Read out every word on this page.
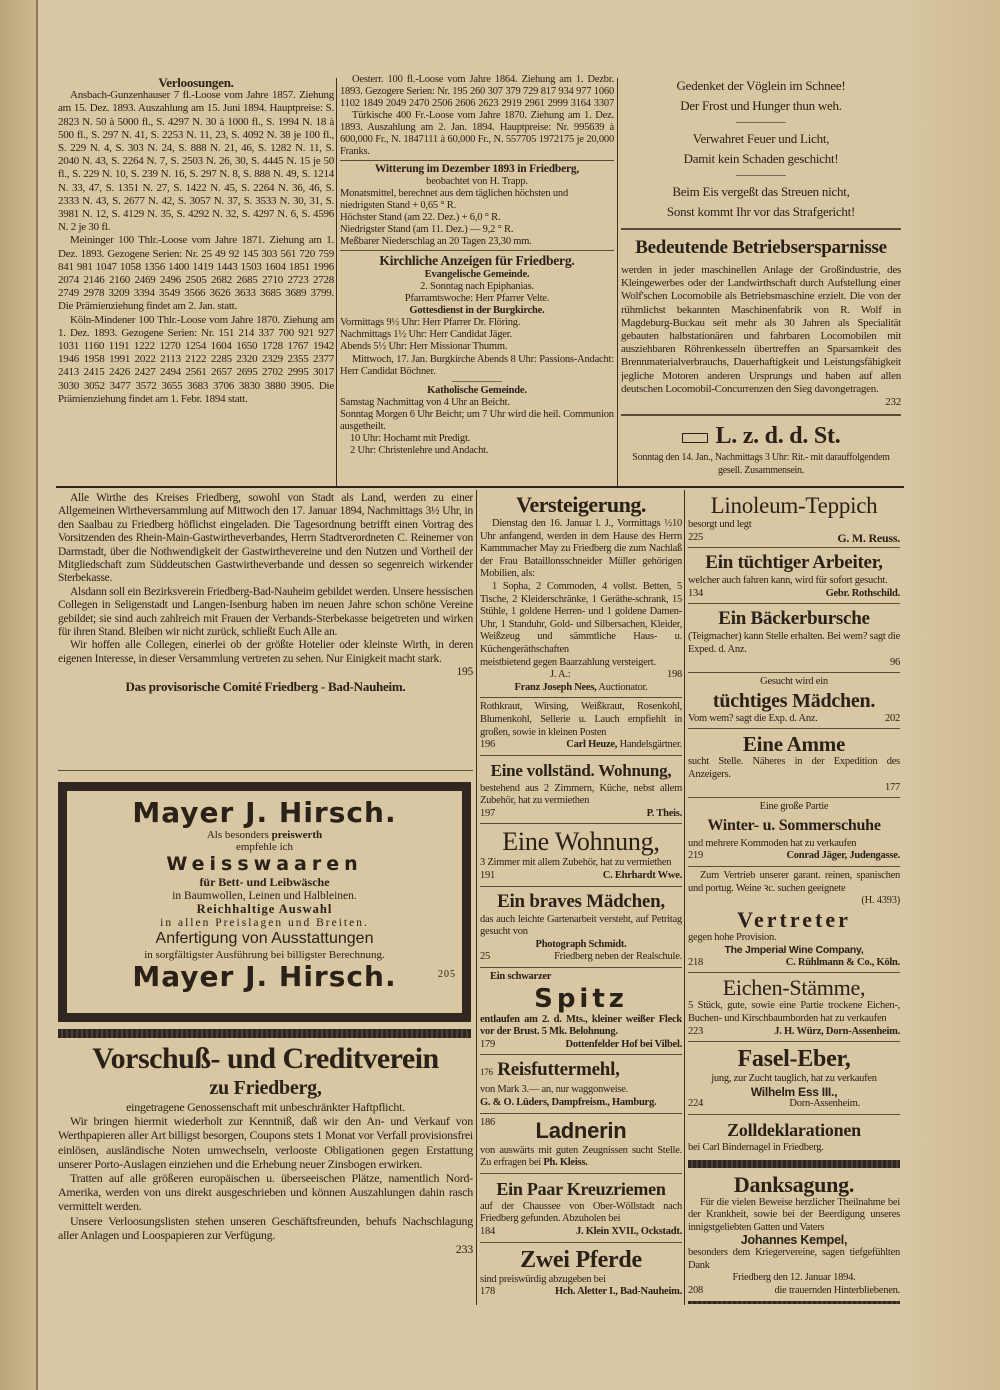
Verloosungen.

Ansbach-Gunzenhauser 7 fl.-Loose vom Jahre 1857. Ziehung am 15. Dez. 1893. Auszahlung am 15. Juni 1894. Hauptpreise: S. 2823 N. 50 à 5000 fl., S. 4297 N. 30 à 1000 fl., S. 1994 N. 18 à 500 fl., S. 297 N. 41, S. 2253 N. 11, 23, S. 4092 N. 38 je 100 fl., S. 229 N. 4, S. 303 N. 24, S. 888 N. 21, 46, S. 1282 N. 11, S. 2040 N. 43, S. 2264 N. 7, S. 2503 N. 26, 30, S. 4445 N. 15 je 50 fl., S. 229 N. 10, S. 239 N. 16, S. 297 N. 8, S. 888 N. 49, S. 1214 N. 33, 47, S. 1351 N. 27, S. 1422 N. 45, S. 2264 N. 36, 46, S. 2333 N. 43, S. 2677 N. 42, S. 3057 N. 37, S. 3533 N. 30, 31, S. 3981 N. 12, S. 4129 N. 35, S. 4292 N. 32, S. 4297 N. 6, S. 4596 N. 2 je 30 fl.

Meininger 100 Thlr.-Loose vom Jahre 1871. Ziehung am 1. Dez. 1893. Gezogene Serien: Nr. 25 49 92 145 303 561 720 759 841 981 1047 1058 1356 1400 1419 1443 1503 1604 1851 1996 2074 2146 2160 2469 2496 2505 2682 2685 2710 2723 2728 2749 2978 3209 3394 3549 3566 3626 3633 3685 3689 3799. Die Prämienziehung findet am 2. Jan. statt.

Köln-Mindener 100 Thlr.-Loose vom Jahre 1870. Ziehung am 1. Dez. 1893. Gezogene Serien: Nr. 151 214 337 700 921 927 1031 1160 1191 1222 1270 1254 1604 1650 1728 1767 1942 1946 1958 1991 2022 2113 2122 2285 2320 2329 2355 2377 2413 2415 2426 2427 2494 2561 2657 2695 2702 2995 3017 3030 3052 3477 3572 3655 3683 3706 3830 3880 3905. Die Prämienziehung findet am 1. Febr. 1894 statt.

Oesterr. 100 fl.-Loose vom Jahre 1864. Ziehung am 1. Dezbr. 1893. Gezogere Serien: Nr. 195 260 307 379 729 817 934 977 1060 1102 1849 2049 2470 2506 2606 2623 2919 2961 2999 3164 3307

Türkische 400 Fr.-Loose vom Jahre 1870. Ziehung am 1. Dez. 1893. Auszahlung am 2. Jan. 1894. Hauptpreise: Nr. 995639 à 600,000 Fr., N. 1847111 à 60,000 Fr., N. 557705 1972175 je 20,000 Franks.

Witterung im Dezember 1893 in Friedberg,
beobachtet von H. Trapp.
Monatsmittel, berechnet aus dem täglichen höchsten und niedrigsten Stand + 0,65 ° R.
Höchster Stand (am 22. Dez.) + 6,0 ° R.
Niedrigster Stand (am 11. Dez.) — 9,2 ° R.
Meßbarer Niederschlag an 20 Tagen 23,30 mm.
Kirchliche Anzeigen für Friedberg.
Evangelische Gemeinde.
2. Sonntag nach Epiphanias.
Pfarramtswoche: Herr Pfarrer Velte.
Gottesdienst in der Burgkirche.
Vormittags 9½ Uhr: Herr Pfarrer Dr. Flöring.
Nachmittags 1½ Uhr: Herr Candidat Jäger.
Abends 5½ Uhr: Herr Missionar Thumm.

Mittwoch, 17. Jan. Burgkirche Abends 8 Uhr: Passions-Andacht: Herr Candidat Böchner.

Katholische Gemeinde.
Samstag Nachmittag von 4 Uhr an Beicht.
Sonntag Morgen 6 Uhr Beicht; um 7 Uhr wird die heil. Communion ausgetheilt.
10 Uhr: Hochamt mit Predigt.
2 Uhr: Christenlehre und Andacht.
Gedenket der Vöglein im Schnee!
Der Frost und Hunger thun weh.
Verwahret Feuer und Licht,
Damit kein Schaden geschicht!
Beim Eis vergeßt das Streuen nicht,
Sonst kommt Ihr vor das Strafgericht!
Bedeutende Betriebsersparnisse

werden in jeder maschinellen Anlage der Großindustrie, des Kleingewerbes oder der Landwirthschaft durch Aufstellung einer Wolf'schen Locomobile als Betriebsmaschine erzielt. Die von der rühmlichst bekannten Maschinenfabrik von R. Wolf in Magdeburg-Buckau seit mehr als 30 Jahren als Specialität gebauten halbstationären und fahrbaren Locomobilen mit ausziehbaren Röhrenkesseln übertreffen an Sparsamkeit des Brennmaterialverbrauchs, Dauerhaftigkeit und Leistungsfähigkeit jegliche Motoren anderen Ursprungs und haben auf allen deutschen Locomobil-Concurrenzen den Sieg davongetragen.

232
L. z. d. d. St.
Sonntag den 14. Jan., Nachmittags 3 Uhr: Rit.- mit darauffolgendem gesell. Zusammensein.

Alle Wirthe des Kreises Friedberg, sowohl von Stadt als Land, werden zu einer Allgemeinen Wirtheversammlung auf Mittwoch den 17. Januar 1894, Nachmittags 3½ Uhr, in den Saalbau zu Friedberg höflichst eingeladen. Die Tagesordnung betrifft einen Vortrag des Vorsitzenden des Rhein-Main-Gastwirtheverbandes, Herrn Stadtverordneten C. Reinemer von Darmstadt, über die Nothwendigkeit der Gastwirthevereine und den Nutzen und Vortheil der Mitgliedschaft zum Süddeutschen Gastwirtheverbande und dessen so segenreich wirkender Sterbekasse.

Alsdann soll ein Bezirksverein Friedberg-Bad-Nauheim gebildet werden. Unsere hessischen Collegen in Seligenstadt und Langen-Isenburg haben im neuen Jahre schon schöne Vereine gebildet; sie sind auch zahlreich mit Frauen der Verbands-Sterbekasse beigetreten und wirken für ihren Stand. Bleiben wir nicht zurück, schließt Euch Alle an.

Wir hoffen alle Collegen, einerlei ob der größte Hotelier oder kleinste Wirth, in deren eigenen Interesse, in dieser Versammlung vertreten zu sehen. Nur Einigkeit macht stark.

195
Das provisorische Comité Friedberg - Bad-Nauheim.
Mayer J. Hirsch.
Als besonders preiswerth
empfehle ich
Weisswaaren
für Bett- und Leibwäsche
in Baumwollen, Leinen und Halbleinen.
Reichhaltige Auswahl
in allen Preislagen und Breiten.
Anfertigung von Ausstattungen
in sorgfältigster Ausführung bei billigster Berechnung.
Mayer J. Hirsch.	205
Vorschuß- und Creditverein
zu Friedberg,
eingetragene Genossenschaft mit unbeschränkter Haftpflicht.

Wir bringen hiermit wiederholt zur Kenntniß, daß wir den An- und Verkauf von Werthpapieren aller Art billigst besorgen, Coupons stets 1 Monat vor Verfall provisionsfrei einlösen, ausländische Noten umwechseln, verlooste Obligationen gegen Erstattung unserer Porto-Auslagen einziehen und die Erhebung neuer Zinsbogen erwirken.

Tratten auf alle größeren europäischen u. überseeischen Plätze, namentlich Nord-Amerika, werden von uns direkt ausgeschrieben und können Auszahlungen dahin rasch vermittelt werden.

Unsere Verloosungslisten stehen unseren Geschäftsfreunden, behufs Nachschlagung aller Anlagen und Loospapieren zur Verfügung.

233
Versteigerung.

Dienstag den 16. Januar l. J., Vormittags ½10 Uhr anfangend, werden in dem Hause des Herrn Kammmacher May zu Friedberg die zum Nachlaß der Frau Bataillonsschneider Müller gehörigen Mobilien, als:

1 Sopha, 2 Commoden, 4 vollst. Betten, 5 Tische, 2 Kleiderschränke, 1 Geräthe-schrank, 15 Stühle, 1 goldene Herren- und 1 goldene Damen-Uhr, 1 Standuhr, Gold- und Silbersachen, Kleider, Weißzeug und sämmtliche Haus- u. Küchengeräthschaften

meistbietend gegen Baarzahlung versteigert.

J. A.:	198
Franz Joseph Nees, Auctionator.

Rothkraut, Wirsing, Weißkraut, Rosenkohl, Blumenkohl, Sellerie u. Lauch empfiehlt in großen, sowie in kleinen Posten

196	Carl Heuze, Handelsgärtner.
Eine vollständ. Wohnung,

bestehend aus 2 Zimmern, Küche, nebst allem Zubehör, hat zu vermiethen

197	P. Theis.
Eine Wohnung,

3 Zimmer mit allem Zubehör, hat zu vermiethen

191	C. Ehrhardt Wwe.
Ein braves Mädchen,

das auch leichte Gartenarbeit versteht, auf Petritag gesucht von

Photograph Schmidt.
25	Friedberg neben der Realschule.
Ein schwarzer
Spitz

entlaufen am 2. d. Mts., kleiner weißer Fleck vor der Brust. 5 Mk. Belohnung.

179	Dottenfelder Hof bei Vilbel.
176 Reisfuttermehl,

von Mark 3.— an, nur waggonweise.

G. & O. Lüders, Dampfreism., Hamburg.
186	Ladnerin

von auswärts mit guten Zeugnissen sucht Stelle. Zu erfragen bei Ph. Kleiss.

Ein Paar Kreuzriemen

auf der Chaussee von Ober-Wöllstadt nach Friedberg gefunden. Abzuholen bei

184	J. Klein XVII., Ockstadt.
Zwei Pferde

sind preiswürdig abzugeben bei

178	Hch. Aletter I., Bad-Nauheim.
Linoleum-Teppich
besorgt und legt
225	G. M. Reuss.
Ein tüchtiger Arbeiter,

welcher auch fahren kann, wird für sofort gesucht.

134	Gebr. Rothschild.
Ein Bäckerbursche

(Teigmacher) kann Stelle erhalten. Bei wem? sagt die Exped. d. Anz.

96
Gesucht wird ein
tüchtiges Mädchen.
Vom wem? sagt die Exp. d. Anz.	202
Eine Amme

sucht Stelle. Näheres in der Expedition des Anzeigers.

177
Eine große Partie
Winter- u. Sommerschuhe

und mehrere Kommoden hat zu verkaufen

219	Conrad Jäger, Judengasse.

Zum Vertrieb unserer garant. reinen, spanischen und portug. Weine ꝛc. suchen geeignete

(H. 4393)
Vertreter
gegen hohe Provision.
The Jmperial Wine Company,
218	C. Rühlmann & Co., Köln.
Eichen-Stämme,

5 Stück, gute, sowie eine Partie trockene Eichen-, Buchen- und Kirschbaumborden hat zu verkaufen

223	J. H. Würz, Dorn-Assenheim.
Fasel-Eber,
jung, zur Zucht tauglich, hat zu verkaufen
Wilhelm Ess III.,
224	Dorn-Assenheim.
Zolldeklarationen
bei Carl Bindernagel in Friedberg.
Danksagung.

Für die vielen Beweise herzlicher Theilnahme bei der Krankheit, sowie bei der Beerdigung unseres innigstgeliebten Gatten und Vaters

Johannes Kempel,

besonders dem Kriegervereine, sagen tiefgefühlten Dank

Friedberg den 12. Januar 1894.
208	die trauernden Hinterbliebenen.
